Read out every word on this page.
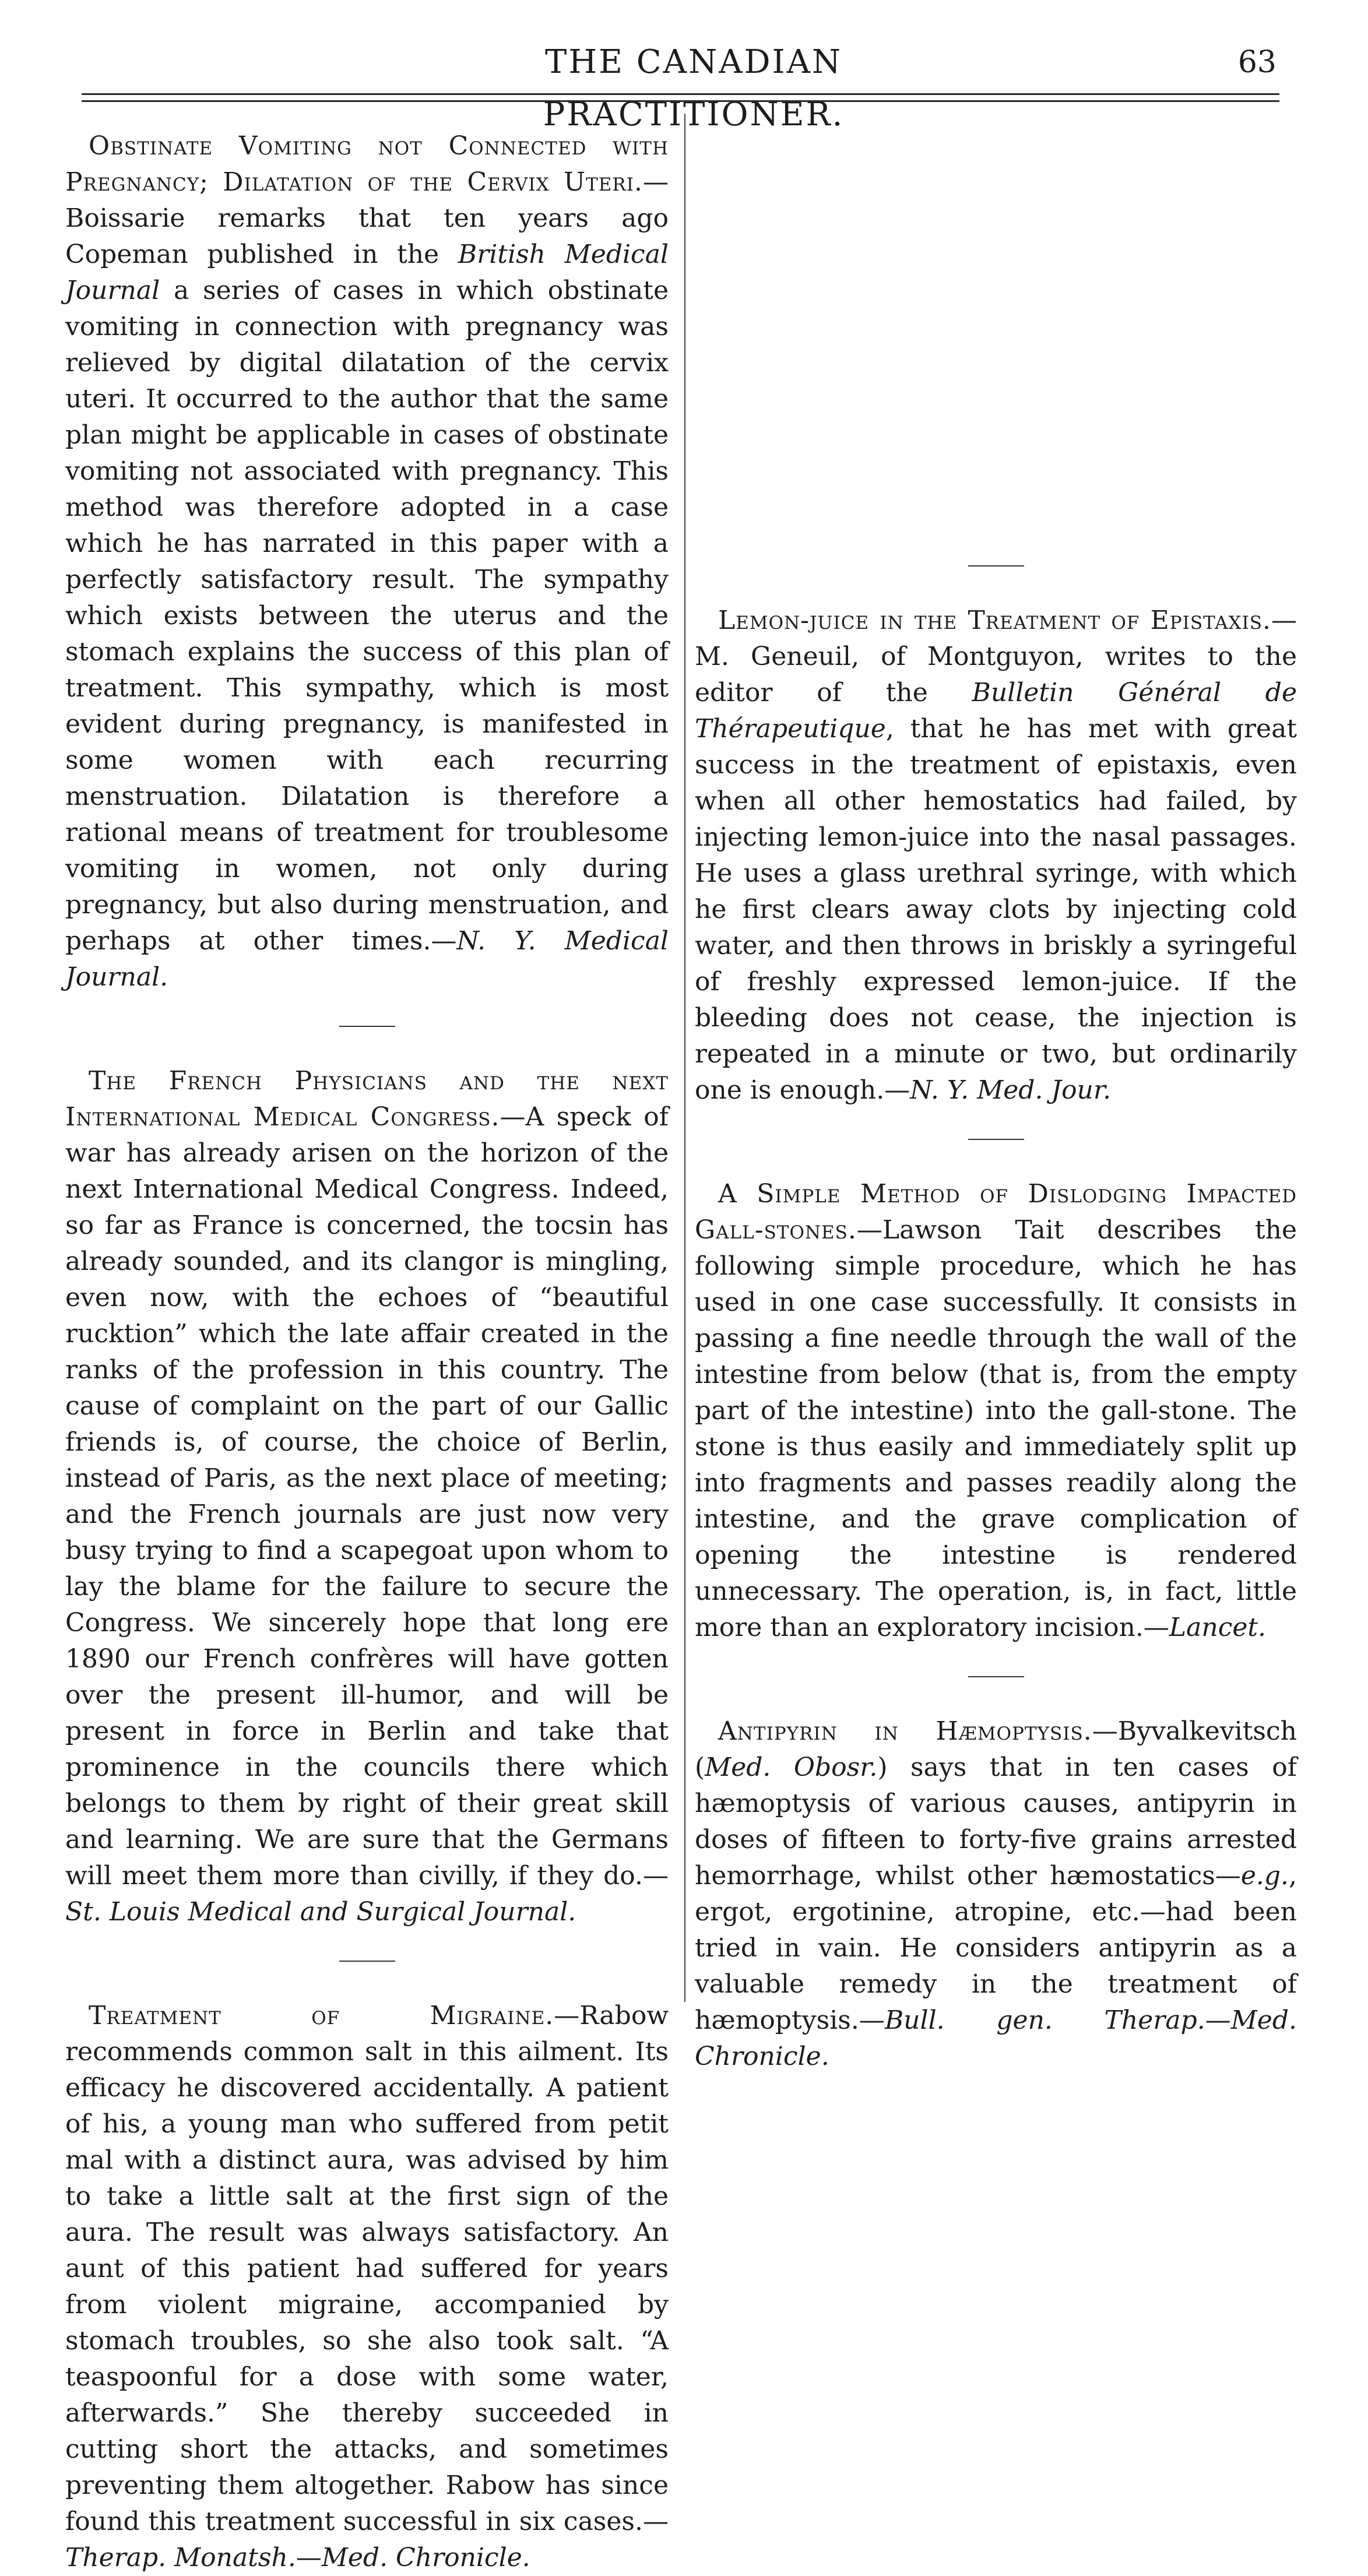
THE CANADIAN PRACTITIONER.
63

Obstinate Vomiting not Connected with Pregnancy; Dilatation of the Cervix Uteri.—Boissarie remarks that ten years ago Copeman published in the British Medical Journal a series of cases in which obstinate vomiting in connection with pregnancy was relieved by digital dilatation of the cervix uteri. It occurred to the author that the same plan might be applicable in cases of obstinate vomiting not associated with pregnancy. This method was therefore adopted in a case which he has narrated in this paper with a perfectly satisfactory result. The sympathy which exists between the uterus and the stomach explains the success of this plan of treatment. This sympathy, which is most evident during pregnancy, is manifested in some women with each recurring menstruation. Dilatation is therefore a rational means of treatment for troublesome vomiting in women, not only during pregnancy, but also during menstruation, and perhaps at other times.—N. Y. Medical Journal.

The French Physicians and the next International Medical Congress.—A speck of war has already arisen on the horizon of the next International Medical Congress. Indeed, so far as France is concerned, the tocsin has already sounded, and its clangor is mingling, even now, with the echoes of “beautiful rucktion” which the late affair created in the ranks of the profession in this country. The cause of complaint on the part of our Gallic friends is, of course, the choice of Berlin, instead of Paris, as the next place of meeting; and the French journals are just now very busy trying to find a scapegoat upon whom to lay the blame for the failure to secure the Congress. We sincerely hope that long ere 1890 our French confrères will have gotten over the present ill-humor, and will be present in force in Berlin and take that prominence in the councils there which belongs to them by right of their great skill and learning. We are sure that the Germans will meet them more than civilly, if they do.—St. Louis Medical and Surgical Journal.

Treatment of Migraine.—Rabow recommends common salt in this ailment. Its efficacy he discovered accidentally. A patient of his, a young man who suffered from petit mal with a distinct aura, was advised by him to take a little salt at the first sign of the aura. The result was always satisfactory. An aunt of this patient had suffered for years from violent migraine, accompanied by stomach troubles, so she also took salt. “A teaspoonful for a dose with some water, afterwards.” She thereby succeeded in cutting short the attacks, and sometimes preventing them altogether. Rabow has since found this treatment successful in six cases.—Therap. Monatsh.—Med. Chronicle.

Lemon-juice in the Treatment of Epistaxis.—M. Geneuil, of Montguyon, writes to the editor of the Bulletin Général de Thérapeutique, that he has met with great success in the treatment of epistaxis, even when all other hemostatics had failed, by injecting lemon-juice into the nasal passages. He uses a glass urethral syringe, with which he first clears away clots by injecting cold water, and then throws in briskly a syringeful of freshly expressed lemon-juice. If the bleeding does not cease, the injection is repeated in a minute or two, but ordinarily one is enough.—N. Y. Med. Jour.

A Simple Method of Dislodging Impacted Gall-stones.—Lawson Tait describes the following simple procedure, which he has used in one case successfully. It consists in passing a fine needle through the wall of the intestine from below (that is, from the empty part of the intestine) into the gall-stone. The stone is thus easily and immediately split up into fragments and passes readily along the intestine, and the grave complication of opening the intestine is rendered unnecessary. The operation, is, in fact, little more than an exploratory incision.—Lancet.

Antipyrin in Hæmoptysis.—Byvalkevitsch (Med. Obosr.) says that in ten cases of hæmoptysis of various causes, antipyrin in doses of fifteen to forty-five grains arrested hemorrhage, whilst other hæmostatics—e.g., ergot, ergotinine, atropine, etc.—had been tried in vain. He considers antipyrin as a valuable remedy in the treatment of hæmoptysis.—Bull. gen. Therap.—Med. Chronicle.
